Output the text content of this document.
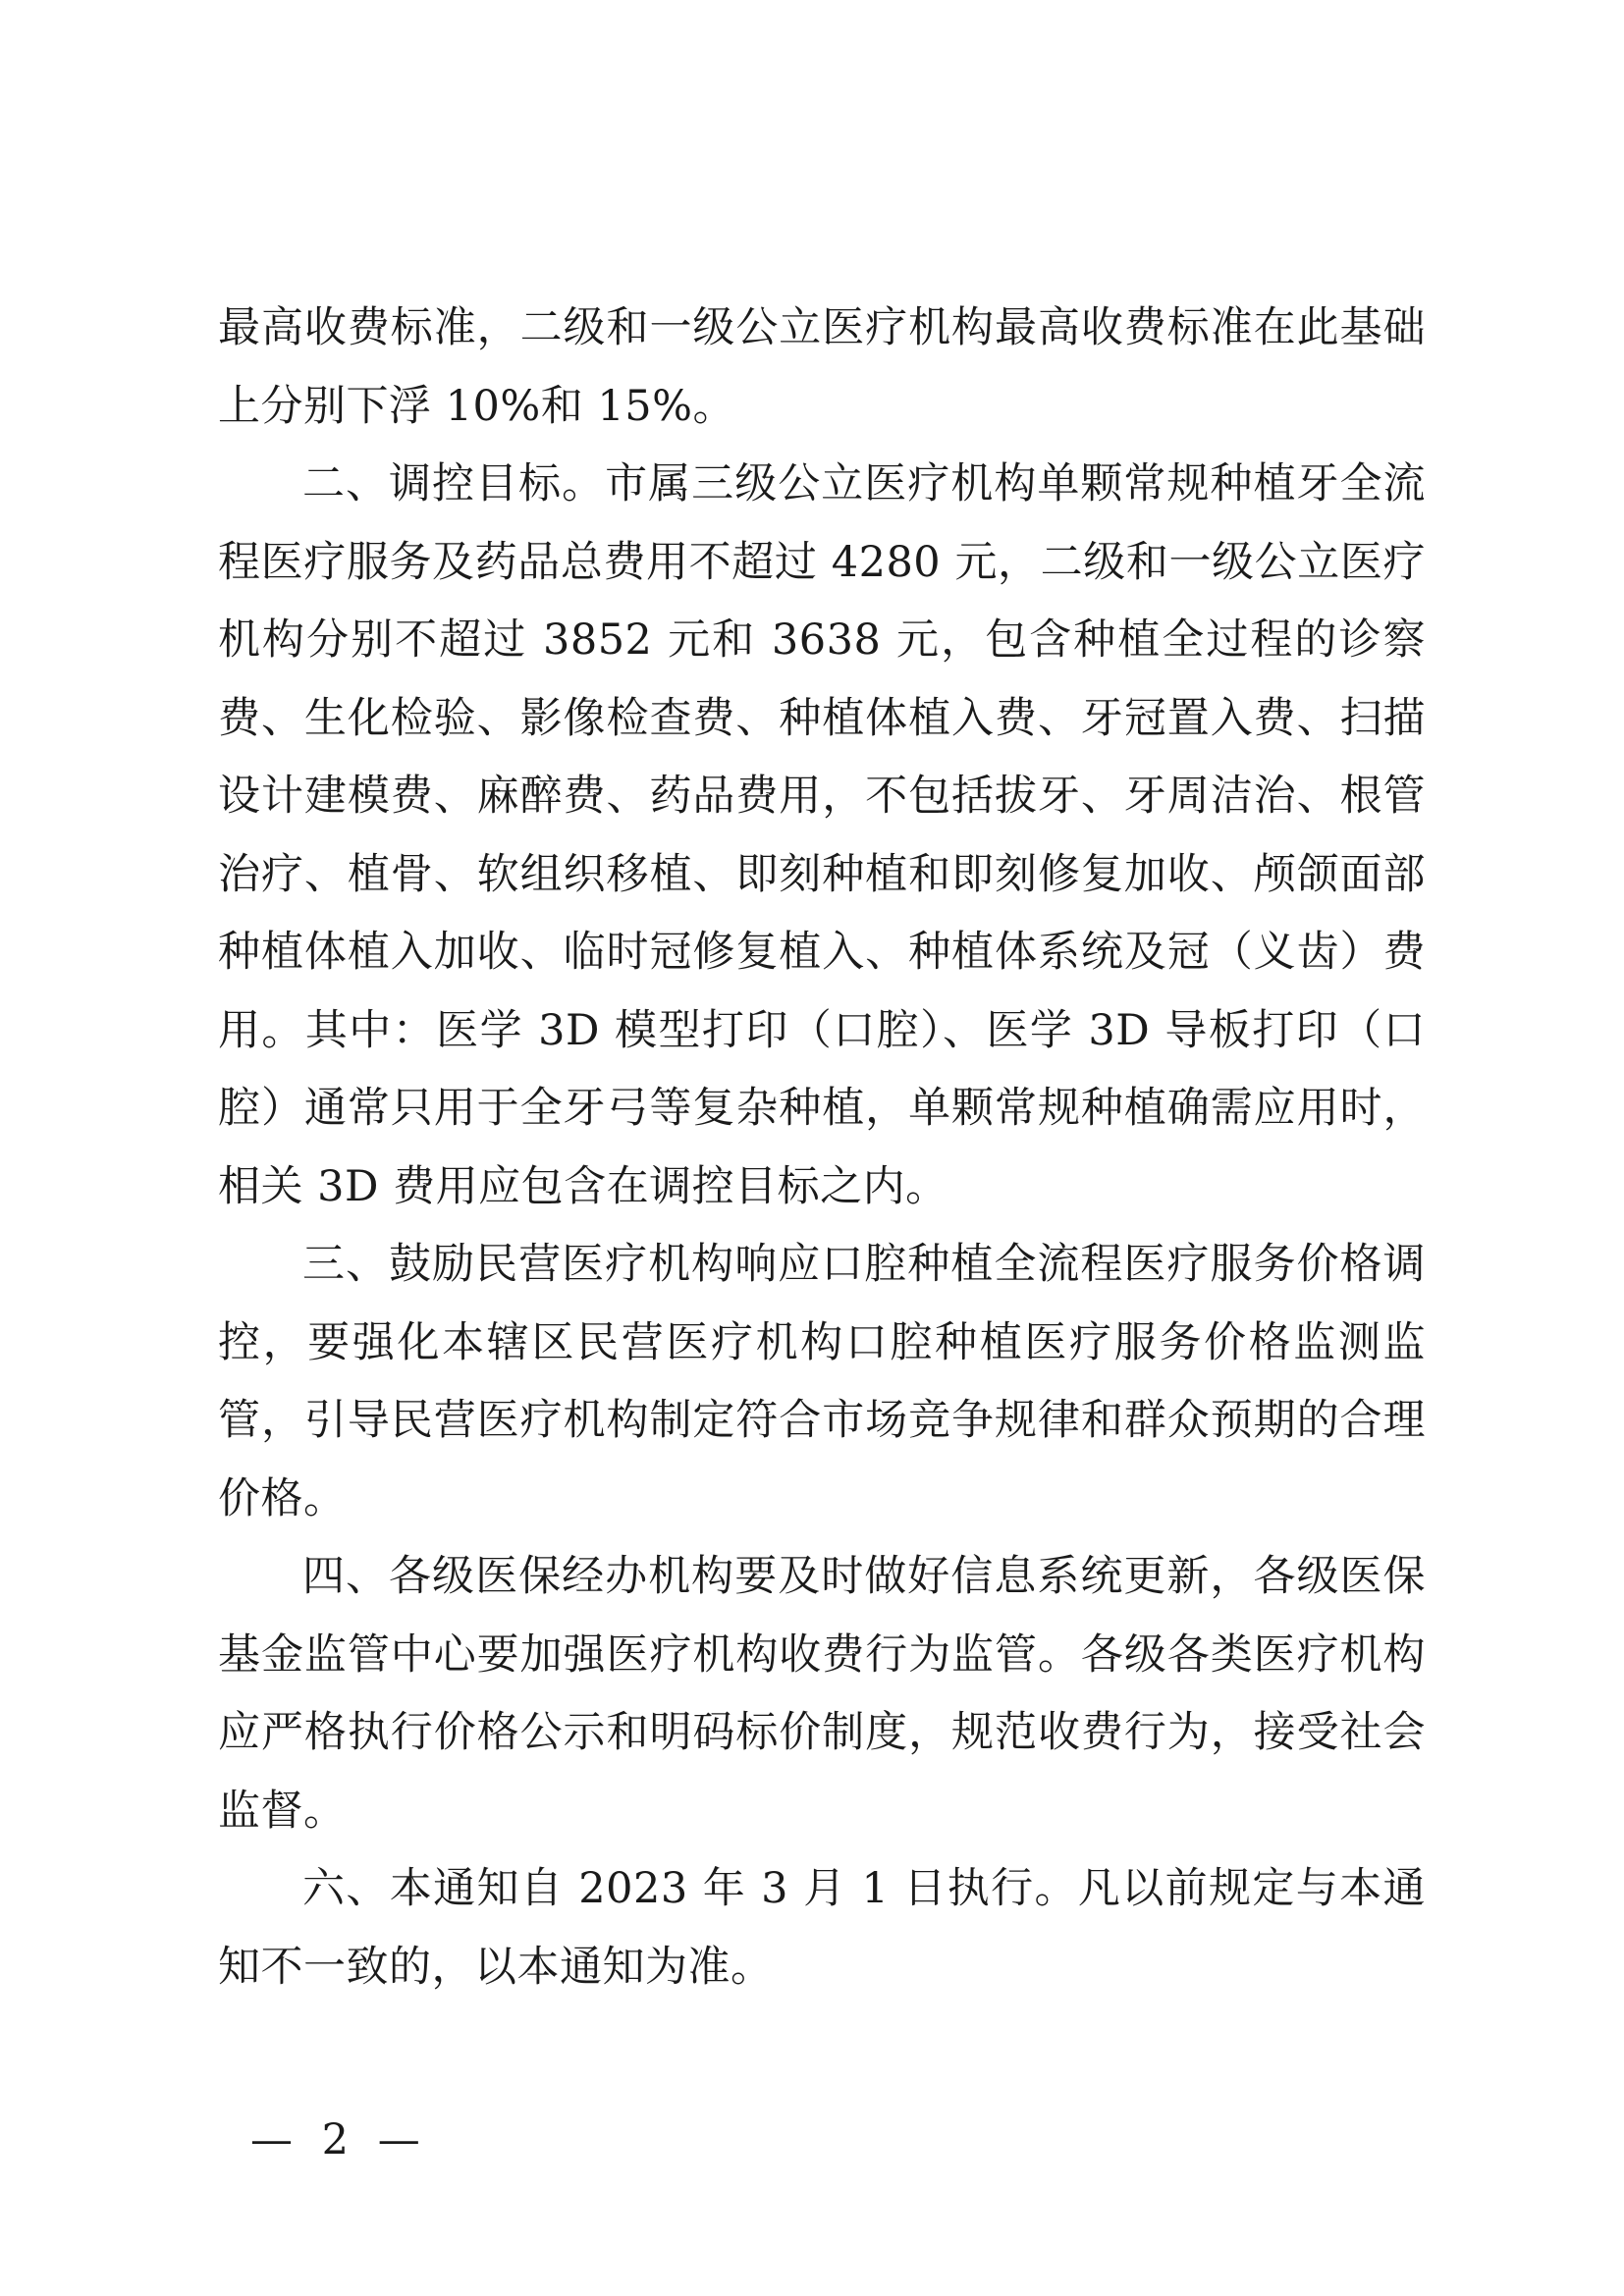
最高收费标准，二级和一级公立医疗机构最高收费标准在此基础上分别下浮 10%和 15%。

二、调控目标。市属三级公立医疗机构单颗常规种植牙全流程医疗服务及药品总费用不超过 4280 元，二级和一级公立医疗机构分别不超过 3852 元和 3638 元，包含种植全过程的诊察费、生化检验、影像检查费、种植体植入费、牙冠置入费、扫描设计建模费、麻醉费、药品费用，不包括拔牙、牙周洁治、根管治疗、植骨、软组织移植、即刻种植和即刻修复加收、颅颌面部种植体植入加收、临时冠修复植入、种植体系统及冠（义齿）费用。其中：医学 3D 模型打印（口腔）、医学 3D 导板打印（口腔）通常只用于全牙弓等复杂种植，单颗常规种植确需应用时，相关 3D 费用应包含在调控目标之内。

三、鼓励民营医疗机构响应口腔种植全流程医疗服务价格调控，要强化本辖区民营医疗机构口腔种植医疗服务价格监测监管，引导民营医疗机构制定符合市场竞争规律和群众预期的合理价格。

四、各级医保经办机构要及时做好信息系统更新，各级医保基金监管中心要加强医疗机构收费行为监管。各级各类医疗机构应严格执行价格公示和明码标价制度，规范收费行为，接受社会监督。

六、本通知自 2023 年 3 月 1 日执行。凡以前规定与本通知不一致的，以本通知为准。

— 2 —
